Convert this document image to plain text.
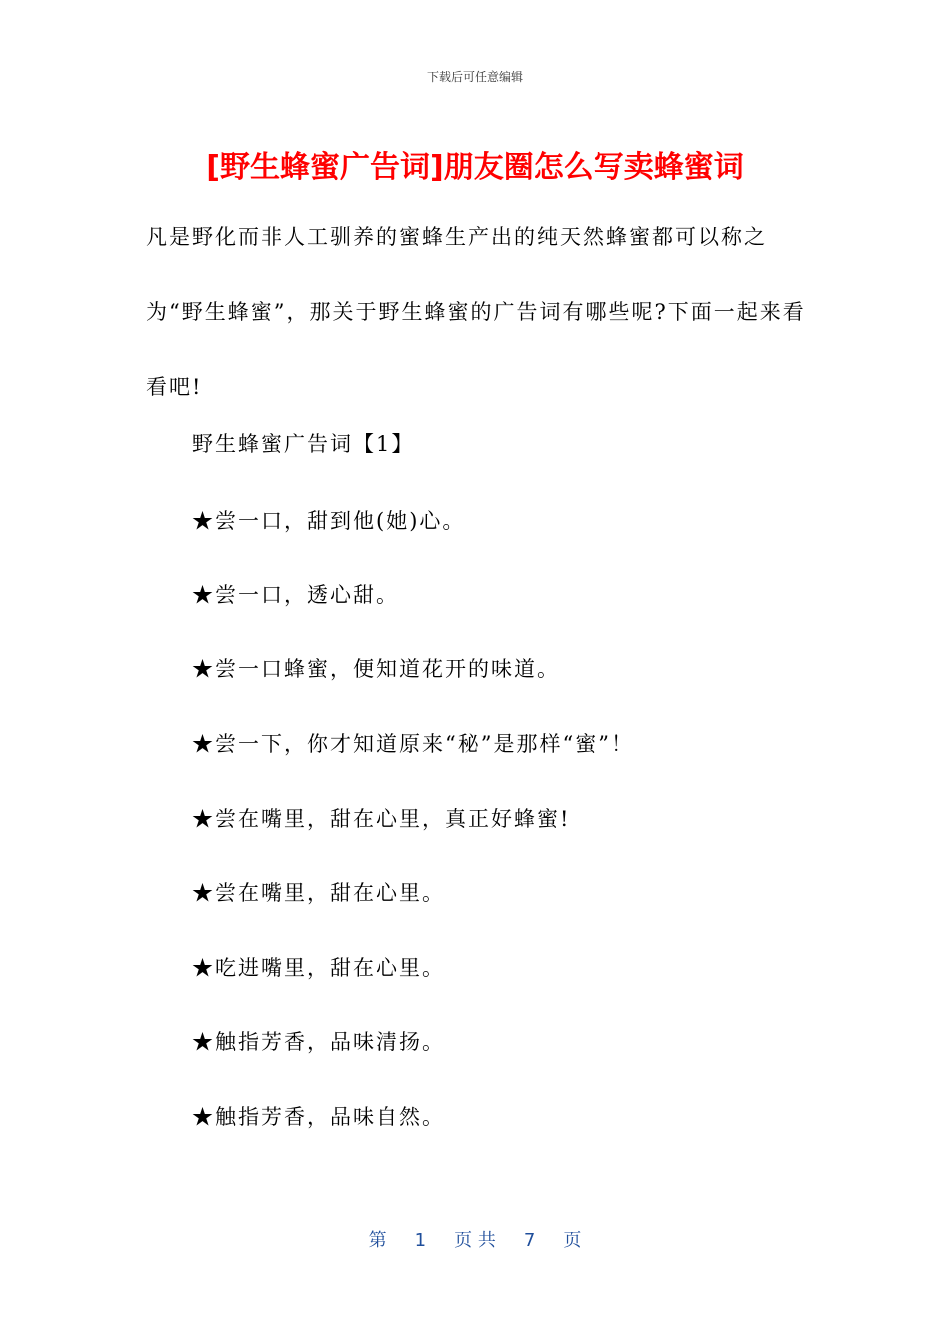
下载后可任意编辑
[野生蜂蜜广告词]朋友圈怎么写卖蜂蜜词

凡是野化而非人工驯养的蜜蜂生产出的纯天然蜂蜜都可以称之为“野生蜂蜜”，那关于野生蜂蜜的广告词有哪些呢?下面一起来看看吧!

野生蜂蜜广告词【1】
★尝一口，甜到他(她)心。
★尝一口，透心甜。
★尝一口蜂蜜，便知道花开的味道。
★尝一下，你才知道原来“秘”是那样“蜜”！
★尝在嘴里，甜在心里，真正好蜂蜜!
★尝在嘴里，甜在心里。
★吃进嘴里，甜在心里。
★触指芳香，品味清扬。
★触指芳香，品味自然。
第 1 页 共 7 页
